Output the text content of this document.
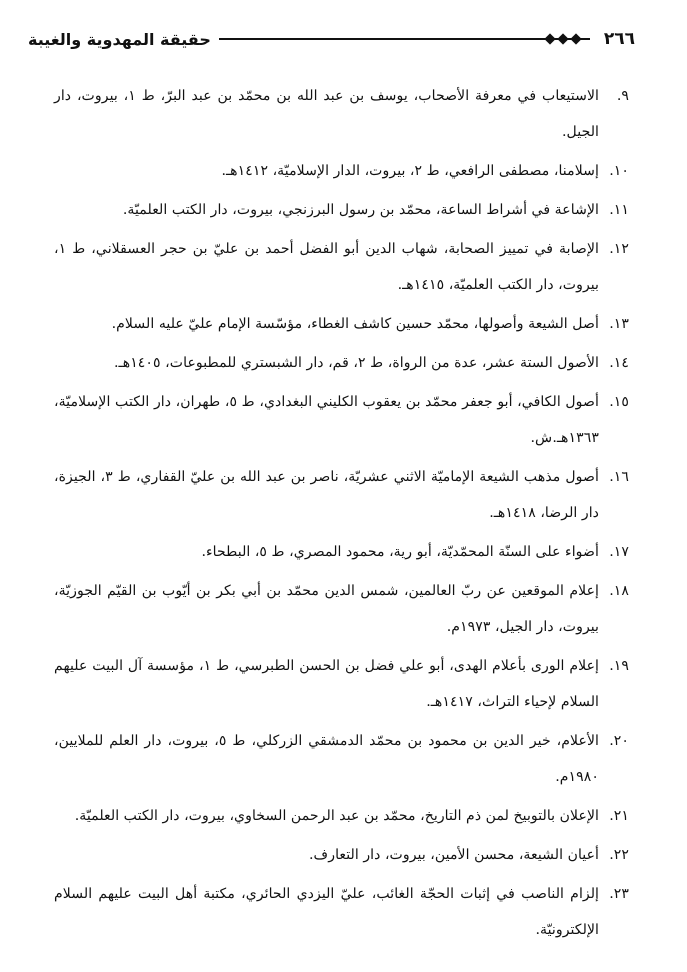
٢٦٦
حقيقة المهدوية والغيبة
٩.
الاستيعاب في معرفة الأصحاب، يوسف بن عبد الله بن محمّد بن عبد البرّ، ط ١، بيروت، دار الجيل.
١٠.
إسلامنا، مصطفى الرافعي، ط ٢، بيروت، الدار الإسلاميّة، ١٤١٢هـ.
١١.
الإشاعة في أشراط الساعة، محمّد بن رسول البرزنجي، بيروت، دار الكتب العلميّة.
١٢.
الإصابة في تمييز الصحابة، شهاب الدين أبو الفضل أحمد بن عليّ بن حجر العسقلاني، ط ١، بيروت، دار الكتب العلميّة، ١٤١٥هـ.
١٣.
أصل الشيعة وأصولها، محمّد حسين كاشف الغطاء، مؤسّسة الإمام عليّ عليه السلام.
١٤.
الأصول الستة عشر، عدة من الرواة، ط ٢، قم، دار الشبستري للمطبوعات، ١٤٠٥هـ.
١٥.
أصول الكافي، أبو جعفر محمّد بن يعقوب الكليني البغدادي، ط ٥، طهران، دار الكتب الإسلاميّة، ١٣٦٣هـ.ش.
١٦.
أصول مذهب الشيعة الإماميّة الاثني عشريّة، ناصر بن عبد الله بن عليّ القفاري، ط ٣، الجيزة، دار الرضا، ١٤١٨هـ.
١٧.
أضواء على السنّة المحمّديّة، أبو رية، محمود المصري، ط ٥، البطحاء.
١٨.
إعلام الموقعين عن ربّ العالمين، شمس الدين محمّد بن أبي بكر بن أيّوب بن القيّم الجوزيّة، بيروت، دار الجيل، ١٩٧٣م.
١٩.
إعلام الورى بأعلام الهدى، أبو علي فضل بن الحسن الطبرسي، ط ١، مؤسسة آل البيت عليهم السلام لإحياء التراث، ١٤١٧هـ.
٢٠.
الأعلام، خير الدين بن محمود بن محمّد الدمشقي الزركلي، ط ٥، بيروت، دار العلم للملايين، ١٩٨٠م.
٢١.
الإعلان بالتوبيخ لمن ذم التاريخ، محمّد بن عبد الرحمن السخاوي، بيروت، دار الكتب العلميّة.
٢٢.
أعيان الشيعة، محسن الأمين، بيروت، دار التعارف.
٢٣.
إلزام الناصب في إثبات الحجّة الغائب، عليّ اليزدي الحائري، مكتبة أهل البيت عليهم السلام الإلكترونيّة.
